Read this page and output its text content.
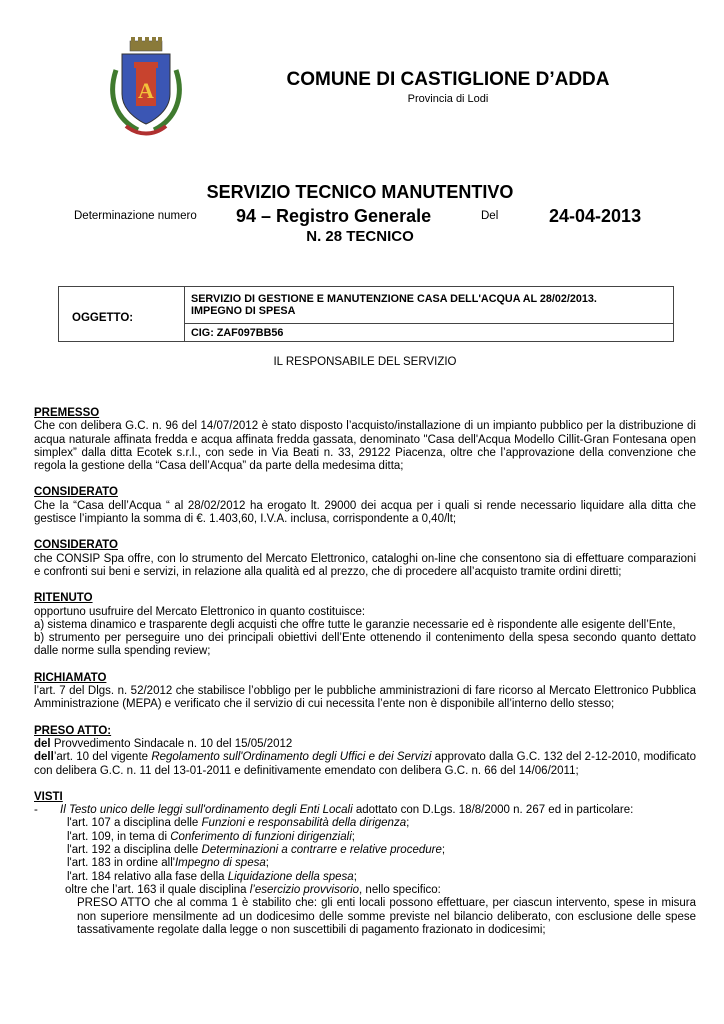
A	COMUNE DI CASTIGLIONE D’ADDA
Provincia di Lodi
SERVIZIO TECNICO MANUTENTIVO
Determinazione numero 94 – Registro Generale	Del	24-04-2013
N. 28 TECNICO
OGGETTO:
SERVIZIO DI GESTIONE E MANUTENZIONE CASA DELL'ACQUA AL 28/02/2013.
IMPEGNO DI SPESA
CIG: ZAF097BB56
IL RESPONSABILE DEL SERVIZIO
PREMESSO

Che con delibera G.C. n. 96 del 14/07/2012 è stato disposto l’acquisto/installazione di un impianto pubblico per la distribuzione di acqua naturale affinata fredda e acqua affinata fredda gassata, denominato "Casa dell'Acqua Modello Cillit-Gran Fontesana open simplex” dalla ditta Ecotek s.r.l., con sede in Via Beati n. 33, 29122 Piacenza, oltre che l’approvazione della convenzione che regola la gestione della “Casa dell’Acqua” da parte della medesima ditta;

CONSIDERATO

Che la “Casa dell’Acqua “ al 28/02/2012 ha erogato lt. 29000 dei acqua per i quali si rende necessario liquidare alla ditta che gestisce l’impianto la somma di €. 1.403,60, I.V.A. inclusa, corrispondente a 0,40/lt;

CONSIDERATO

che CONSIP Spa offre, con lo strumento del Mercato Elettronico, cataloghi on-line che consentono sia di effettuare comparazioni e confronti sui beni e servizi, in relazione alla qualità ed al prezzo, che di procedere all’acquisto tramite ordini diretti;

RITENUTO

opportuno usufruire del Mercato Elettronico in quanto costituisce:

a) sistema dinamico e trasparente degli acquisti che offre tutte le garanzie necessarie ed è rispondente alle esigente dell’Ente,

b) strumento per perseguire uno dei principali obiettivi dell’Ente ottenendo il contenimento della spesa secondo quanto dettato dalle norme sulla spending review;

RICHIAMATO

l’art. 7 del Dlgs. n. 52/2012 che stabilisce l’obbligo per le pubbliche amministrazioni di fare ricorso al Mercato Elettronico Pubblica Amministrazione (MEPA) e verificato che il servizio di cui necessita l’ente non è disponibile all’interno dello stesso;

PRESO ATTO:

del Provvedimento Sindacale n. 10 del 15/05/2012

dell’art. 10 del vigente Regolamento sull'Ordinamento degli Uffici e dei Servizi approvato dalla G.C. 132 del 2-12-2010, modificato con delibera G.C. n. 11 del 13-01-2011 e definitivamente emendato con delibera G.C. n. 66 del 14/06/2011;

VISTI

- Il Testo unico delle leggi sull'ordinamento degli Enti Locali adottato con D.Lgs. 18/8/2000 n. 267 ed in particolare:

l'art. 107 a disciplina delle Funzioni e responsabilità della dirigenza;

l'art. 109, in tema di Conferimento di funzioni dirigenziali;

l'art. 192 a disciplina delle Determinazioni a contrarre e relative procedure;

l'art. 183 in ordine all'Impegno di spesa;

l'art. 184 relativo alla fase della Liquidazione della spesa;

oltre che l’art. 163 il quale disciplina l’esercizio provvisorio, nello specifico:

PRESO ATTO che al comma 1 è stabilito che: gli enti locali possono effettuare, per ciascun intervento, spese in misura non superiore mensilmente ad un dodicesimo delle somme previste nel bilancio deliberato, con esclusione delle spese tassativamente regolate dalla legge o non suscettibili di pagamento frazionato in dodicesimi;
